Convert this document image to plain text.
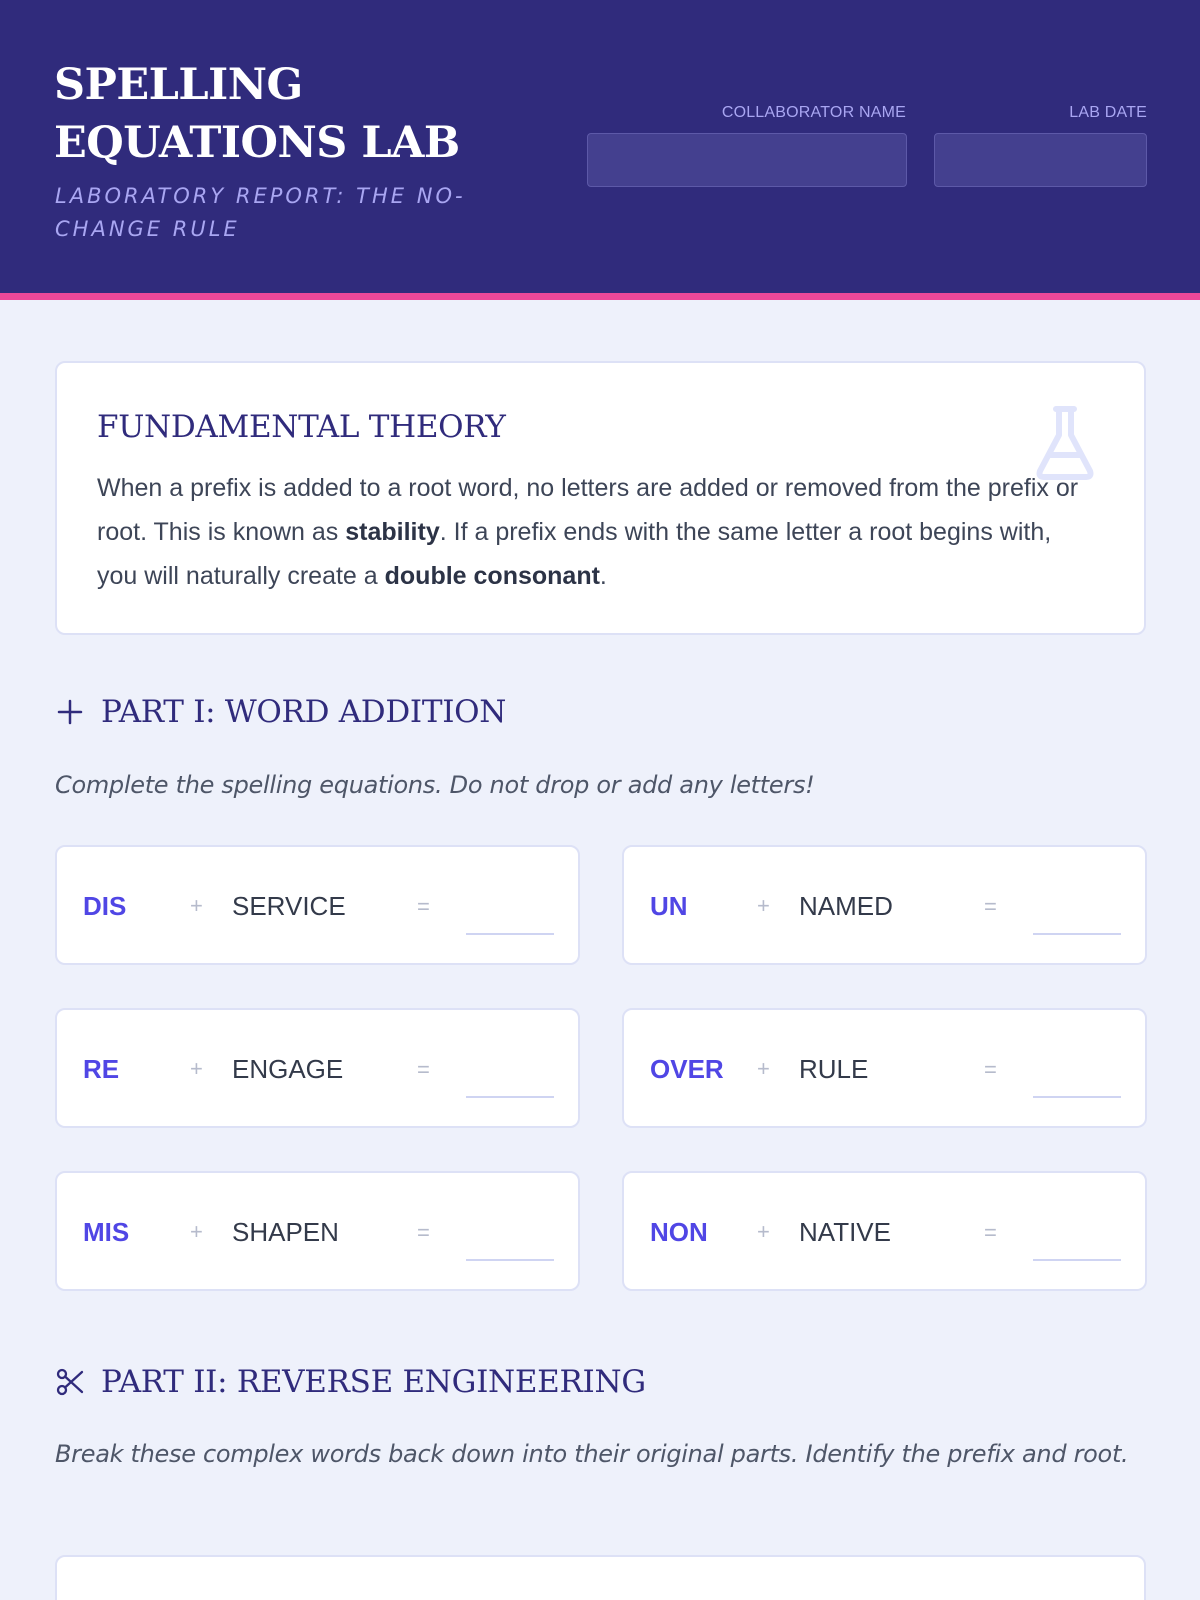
SPELLING EQUATIONS LAB
LABORATORY REPORT: THE NO-CHANGE RULE
COLLABORATOR NAME	LAB DATE
FUNDAMENTAL THEORY
When a prefix is added to a root word, no letters are added or removed from the prefix or root. This is known as stability. If a prefix ends with the same letter a root begins with, you will naturally create a double consonant.
PART I: WORD ADDITION
Complete the spelling equations. Do not drop or add any letters!
DIS	+ SERVICE	=	UN	+ NAMED	=
RE	+ ENGAGE	=	OVER + RULE	=
MIS	+ SHAPEN	=	NON + NATIVE	=
PART II: REVERSE ENGINEERING
Break these complex words back down into their original parts. Identify the prefix and root.
